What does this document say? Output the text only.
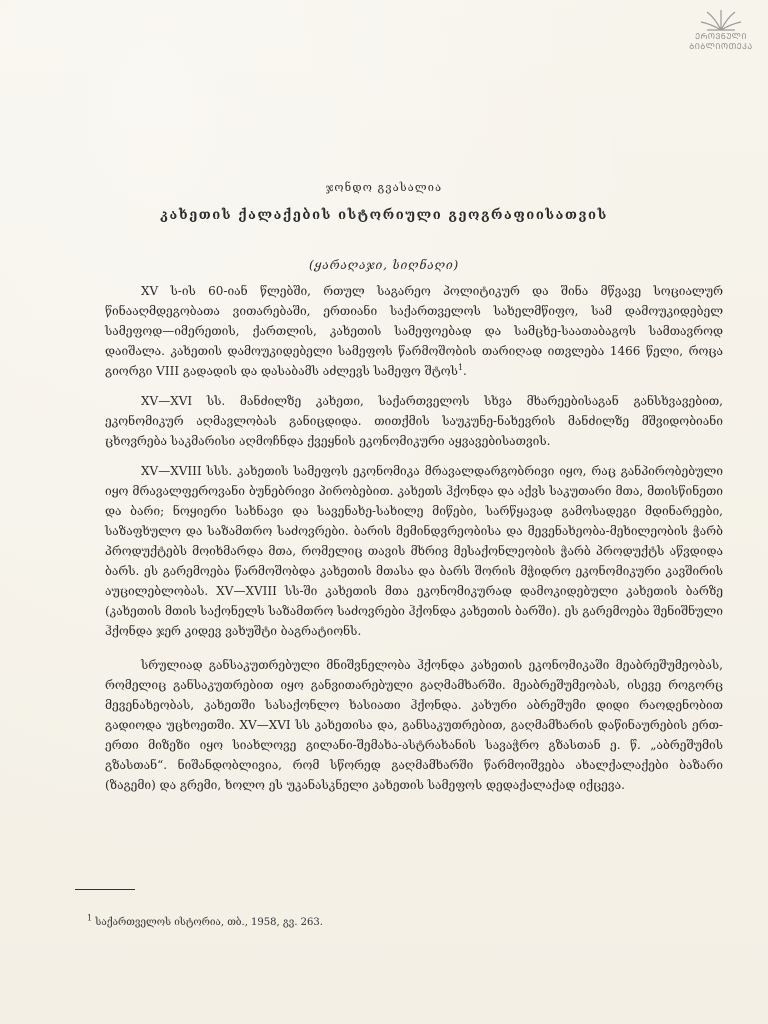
ᲔᲠᲝᲕᲜᲣᲚᲘ
ᲑᲘᲑᲚᲘᲝᲗᲔᲙᲐ
ჯონდო გვასალია
კახეთის ქალაქების ისტორიული გეოგრაფიისათვის
(ყარაღაჯი, სიღნაღი)

XV ს-ის 60-იან წლებში, რთულ საგარეო პოლიტიკურ და შინა მწვავე სოციალურ წინააღმდეგობათა ვითარებაში, ერთიანი საქართველოს სახელმწიფო, სამ დამოუკიდებელ სამეფოდ—იმერეთის, ქართლის, კახეთის სამეფოებად და სამცხე-საათაბაგოს სამთავროდ დაიშალა. კახეთის დამოუკიდებელი სამეფოს წარმოშობის თარიღად ითვლება 1466 წელი, როცა გიორგი VIII გადადის და დასაბამს აძლევს სამეფო შტოს$^1$.

XV—XVI სს. მანძილზე კახეთი, საქართველოს სხვა მხარეებისაგან განსხვავებით, ეკონომიკურ აღმავლობას განიცდიდა. თითქმის საუკუნე-ნახევრის მანძილზე მშვიდობიანი ცხოვრება საკმარისი აღმოჩნდა ქვეყნის ეკონომიკური აყვავებისათვის.

XV—XVIII სსს. კახეთის სამეფოს ეკონომიკა მრავალდარგობრივი იყო, რაც განპირობებული იყო მრავალფეროვანი ბუნებრივი პირობებით. კახეთს ჰქონდა და აქვს საკუთარი მთა, მთისწინეთი და ბარი; ნოყიერი სახნავი და სავენახე-სახილე მიწები, სარწყავად გამოსადეგი მდინარეები, საზაფხულო და საზამთრო საძოვრები. ბარის მემინდვრეობისა და მევენახეობა-მეხილეობის ჭარბ პროდუქტებს მოიხმარდა მთა, რომელიც თავის მხრივ მესაქონლეობის ჭარბ პროდუქტს აწვდიდა ბარს. ეს გარემოება წარმოშობდა კახეთის მთასა და ბარს შორის მჭიდრო ეკონომიკური კავშირის აუცილებლობას. XV—XVIII სს-ში კახეთის მთა ეკონომიკურად დამოკიდებული კახეთის ბარზე (კახეთის მთის საქონელს საზამთრო საძოვრები ჰქონდა კახეთის ბარში). ეს გარემოება შენიშნული ჰქონდა ჯერ კიდევ ვახუშტი ბაგრატიონს.

სრულიად განსაკუთრებული მნიშვნელობა ჰქონდა კახეთის ეკონომიკაში მეაბრეშუმეობას, რომელიც განსაკუთრებით იყო განვითარებული გაღმამხარში. მეაბრეშუმეობას, ისევე როგორც მევენახეობას, კახეთში სასაქონლო ხასიათი ჰქონდა. კახური აბრეშუმი დიდი რაოდენობით გადიოდა უცხოეთში. XV—XVI სს კახეთისა და, განსაკუთრებით, გაღმამხარის დაწინაურების ერთ-ერთი მიზეზი იყო სიახლოვე გილანი-შემახა-ასტრახანის სავაჭრო გზასთან ე. წ. „აბრეშუმის გზასთან“. ნიშანდობლივია, რომ სწორედ გაღმამხარში წარმოიშვება ახალქალაქები ბაზარი (ზაგემი) და გრემი, ხოლო ეს უკანასკნელი კახეთის სამეფოს დედაქალაქად იქცევა.

$^1$ საქართველოს ისტორია, თბ., 1958, გვ. 263.
